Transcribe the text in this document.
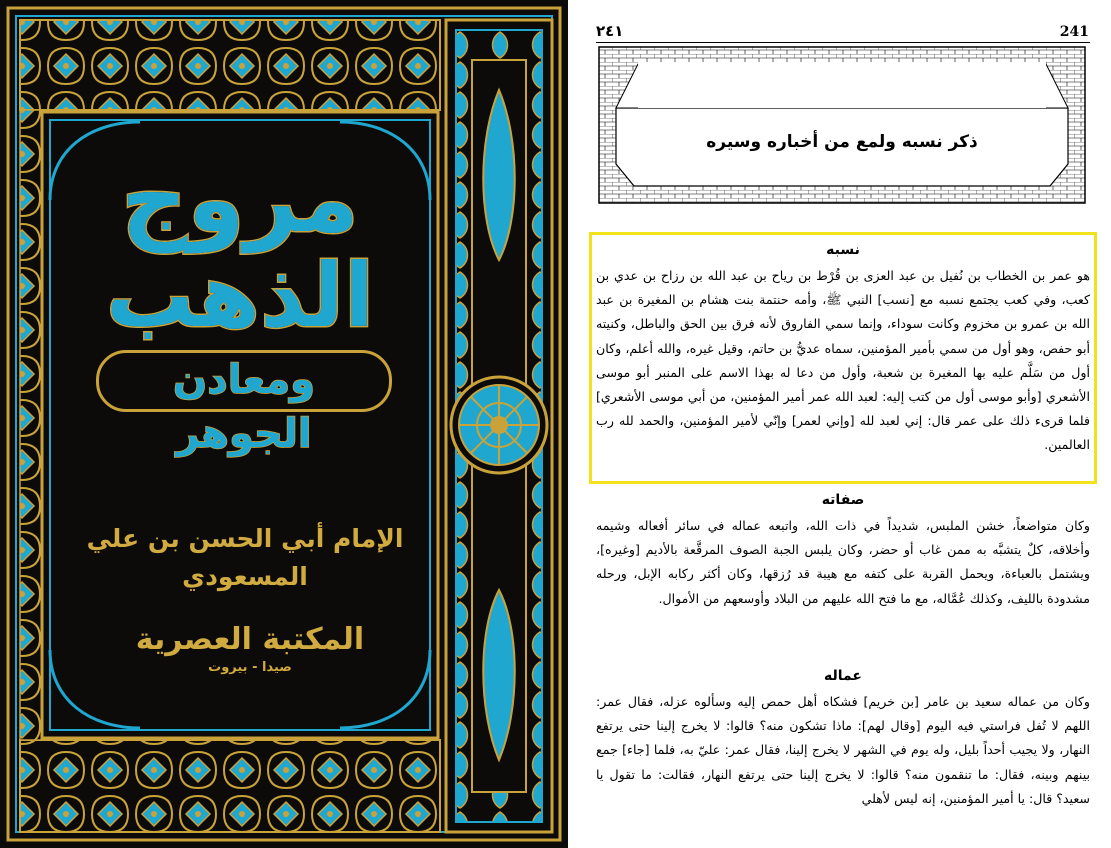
مروج
الذهب
ومعادن الجوهر
الإمام أبي الحسن بن علي
المسعودي
المكتبة العصرية
صيدا - بيروت
241
٢٤١
ذكر نسبه ولمع من أخباره وسيره
نسبه

هو عمر بن الخطاب بن نُفيل بن عبد العزى بن قُرْط بن رياح بن عبد الله بن رزاح بن عدي بن كعب، وفي كعب يجتمع نسبه مع [نسب] النبي ﷺ، وأمه حنتمة بنت هشام بن المغيرة بن عبد الله بن عمرو بن مخزوم وكانت سوداء، وإنما سمي الفاروق لأنه فرق بين الحق والباطل، وكنيته أبو حفص، وهو أول من سمي بأمير المؤمنين، سماه عديُّ بن حاتم، وقيل غيره، والله أعلم، وكان أول من سَلَّم عليه بها المغيرة بن شعبة، وأول من دعا له بهذا الاسم على المنبر أبو موسى الأشعري [وأبو موسى أول من كتب إليه: لعبد الله عمر أمير المؤمنين، من أبي موسى الأشعري] فلما قرىء ذلك على عمر قال: إني لعبد لله [وإني لعمر] وإنّي لأمير المؤمنين، والحمد لله رب العالمين.

صفاته

وكان متواضعاً، خشن الملبس، شديداً في ذات الله، واتبعه عماله في سائر أفعاله وشيمه وأخلاقه، كلٌ يتشبَّه به ممن غاب أو حضر، وكان يلبس الجبة الصوف المرقَّعة بالأديم [وغيره]، ويشتمل بالعباءة، ويحمل القربة على كتفه مع هيبة قد رُزقها، وكان أكثر ركابه الإبل، ورحله مشدودة بالليف، وكذلك عُمَّاله، مع ما فتح الله عليهم من البلاد وأوسعهم من الأموال.

عماله

وكان من عماله سعيد بن عامر [بن خريم] فشكاه أهل حمص إليه وسألوه عزله، فقال عمر: اللهم لا تُفل فراستي فيه اليوم [وقال لهم]: ماذا تشكون منه؟ قالوا: لا يخرج إلينا حتى يرتفع النهار، ولا يجيب أحداً بليل، وله يوم في الشهر لا يخرج إلينا، فقال عمر: عليّ به، فلما [جاء] جمع بينهم وبينه، فقال: ما تنقمون منه؟ قالوا: لا يخرج إلينا حتى يرتفع النهار، فقالت: ما تقول يا سعيد؟ قال: يا أمير المؤمنين، إنه ليس لأهلي
